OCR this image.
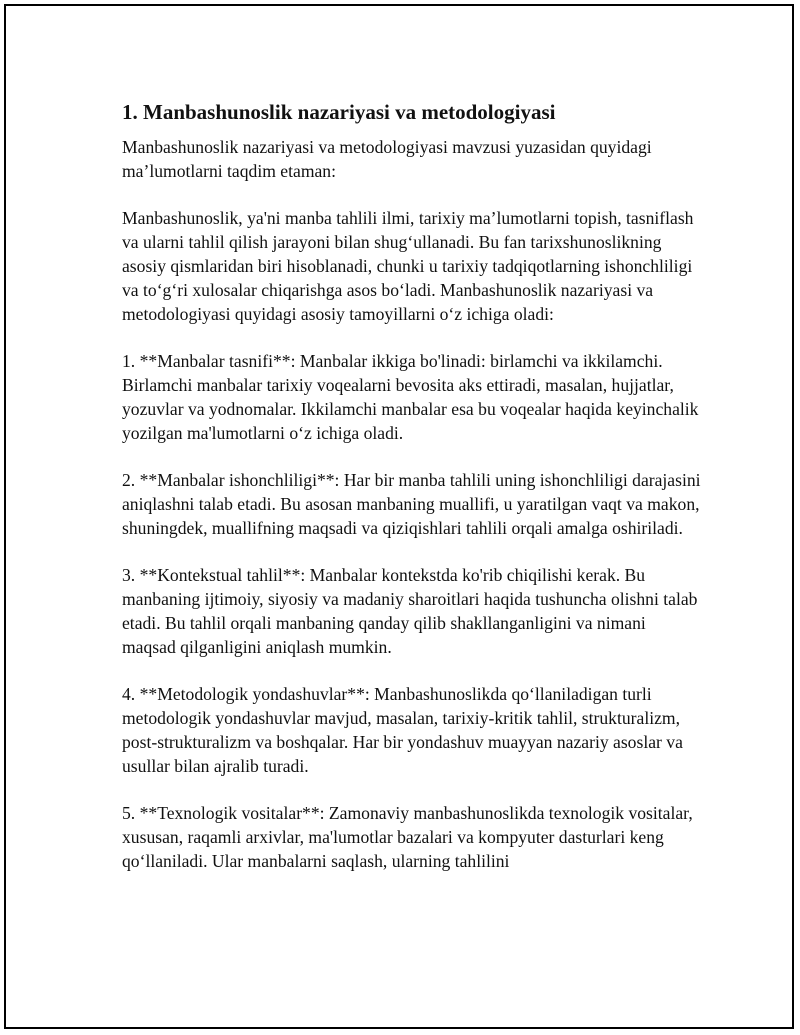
1. Manbashunoslik nazariyasi va metodologiyasi

Manbashunoslik nazariyasi va metodologiyasi mavzusi yuzasidan quyidagi ma’lumotlarni taqdim etaman:

Manbashunoslik, ya'ni manba tahlili ilmi, tarixiy ma’lumotlarni topish, tasniflash va ularni tahlil qilish jarayoni bilan shug‘ullanadi. Bu fan tarixshunoslikning asosiy qismlaridan biri hisoblanadi, chunki u tarixiy tadqiqotlarning ishonchliligi va to‘g‘ri xulosalar chiqarishga asos bo‘ladi. Manbashunoslik nazariyasi va metodologiyasi quyidagi asosiy tamoyillarni o‘z ichiga oladi:

1. **Manbalar tasnifi**: Manbalar ikkiga bo'linadi: birlamchi va ikkilamchi. Birlamchi manbalar tarixiy voqealarni bevosita aks ettiradi, masalan, hujjatlar, yozuvlar va yodnomalar. Ikkilamchi manbalar esa bu voqealar haqida keyinchalik yozilgan ma'lumotlarni o‘z ichiga oladi.

2. **Manbalar ishonchliligi**: Har bir manba tahlili uning ishonchliligi darajasini aniqlashni talab etadi. Bu asosan manbaning muallifi, u yaratilgan vaqt va makon, shuningdek, muallifning maqsadi va qiziqishlari tahlili orqali amalga oshiriladi.

3. **Kontekstual tahlil**: Manbalar kontekstda ko'rib chiqilishi kerak. Bu manbaning ijtimoiy, siyosiy va madaniy sharoitlari haqida tushuncha olishni talab etadi. Bu tahlil orqali manbaning qanday qilib shakllanganligini va nimani maqsad qilganligini aniqlash mumkin.

4. **Metodologik yondashuvlar**: Manbashunoslikda qo‘llaniladigan turli metodologik yondashuvlar mavjud, masalan, tarixiy-kritik tahlil, strukturalizm, post-strukturalizm va boshqalar. Har bir yondashuv muayyan nazariy asoslar va usullar bilan ajralib turadi.

5. **Texnologik vositalar**: Zamonaviy manbashunoslikda texnologik vositalar, xususan, raqamli arxivlar, ma'lumotlar bazalari va kompyuter dasturlari keng qo‘llaniladi. Ular manbalarni saqlash, ularning tahlilini
